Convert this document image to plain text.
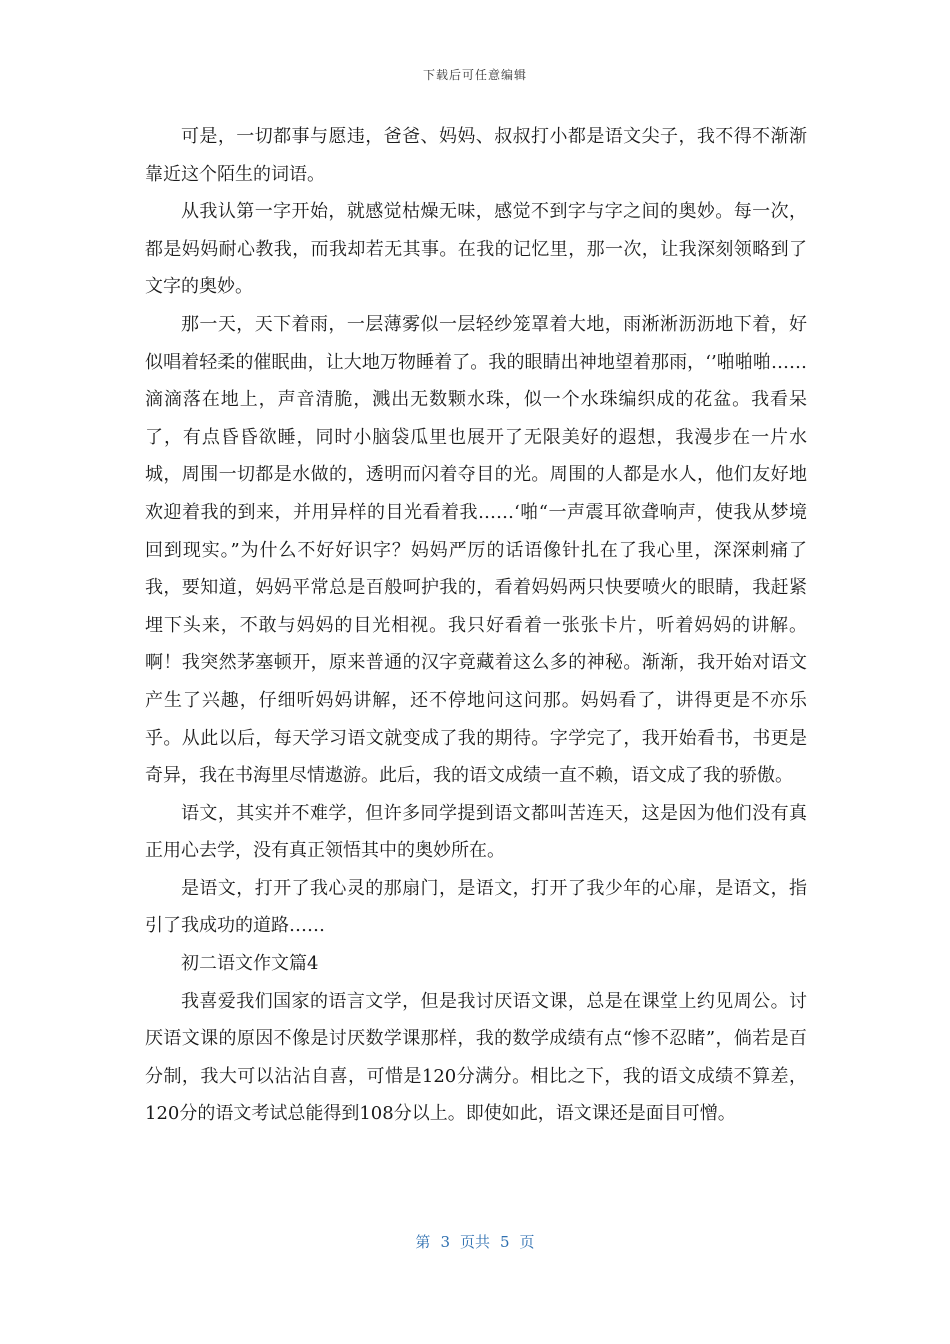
下载后可任意编辑

可是，一切都事与愿违，爸爸、妈妈、叔叔打小都是语文尖子，我不得不渐渐靠近这个陌生的词语。

从我认第一字开始，就感觉枯燥无味，感觉不到字与字之间的奥妙。每一次，都是妈妈耐心教我，而我却若无其事。在我的记忆里，那一次，让我深刻领略到了文字的奥妙。

那一天，天下着雨，一层薄雾似一层轻纱笼罩着大地，雨淅淅沥沥地下着，好似唱着轻柔的催眠曲，让大地万物睡着了。我的眼睛出神地望着那雨，‘’啪啪啪……滴滴落在地上，声音清脆，溅出无数颗水珠，似一个水珠编织成的花盆。我看呆了，有点昏昏欲睡，同时小脑袋瓜里也展开了无限美好的遐想，我漫步在一片水城，周围一切都是水做的，透明而闪着夺目的光。周围的人都是水人，他们友好地欢迎着我的到来，并用异样的目光看着我……‘啪“一声震耳欲聋响声，使我从梦境回到现实。”为什么不好好识字？妈妈严厉的话语像针扎在了我心里，深深刺痛了我，要知道，妈妈平常总是百般呵护我的，看着妈妈两只快要喷火的眼睛，我赶紧埋下头来，不敢与妈妈的目光相视。我只好看着一张张卡片，听着妈妈的讲解。啊！我突然茅塞顿开，原来普通的汉字竟藏着这么多的神秘。渐渐，我开始对语文产生了兴趣，仔细听妈妈讲解，还不停地问这问那。妈妈看了，讲得更是不亦乐乎。从此以后，每天学习语文就变成了我的期待。字学完了，我开始看书，书更是奇异，我在书海里尽情遨游。此后，我的语文成绩一直不赖，语文成了我的骄傲。

语文，其实并不难学，但许多同学提到语文都叫苦连天，这是因为他们没有真正用心去学，没有真正领悟其中的奥妙所在。

是语文，打开了我心灵的那扇门，是语文，打开了我少年的心扉，是语文，指引了我成功的道路……

初二语文作文篇4

我喜爱我们国家的语言文学，但是我讨厌语文课，总是在课堂上约见周公。讨厌语文课的原因不像是讨厌数学课那样，我的数学成绩有点“惨不忍睹”，倘若是百分制，我大可以沾沾自喜，可惜是120分满分。相比之下，我的语文成绩不算差，120分的语文考试总能得到108分以上。即使如此，语文课还是面目可憎。

第 3 页共 5 页
